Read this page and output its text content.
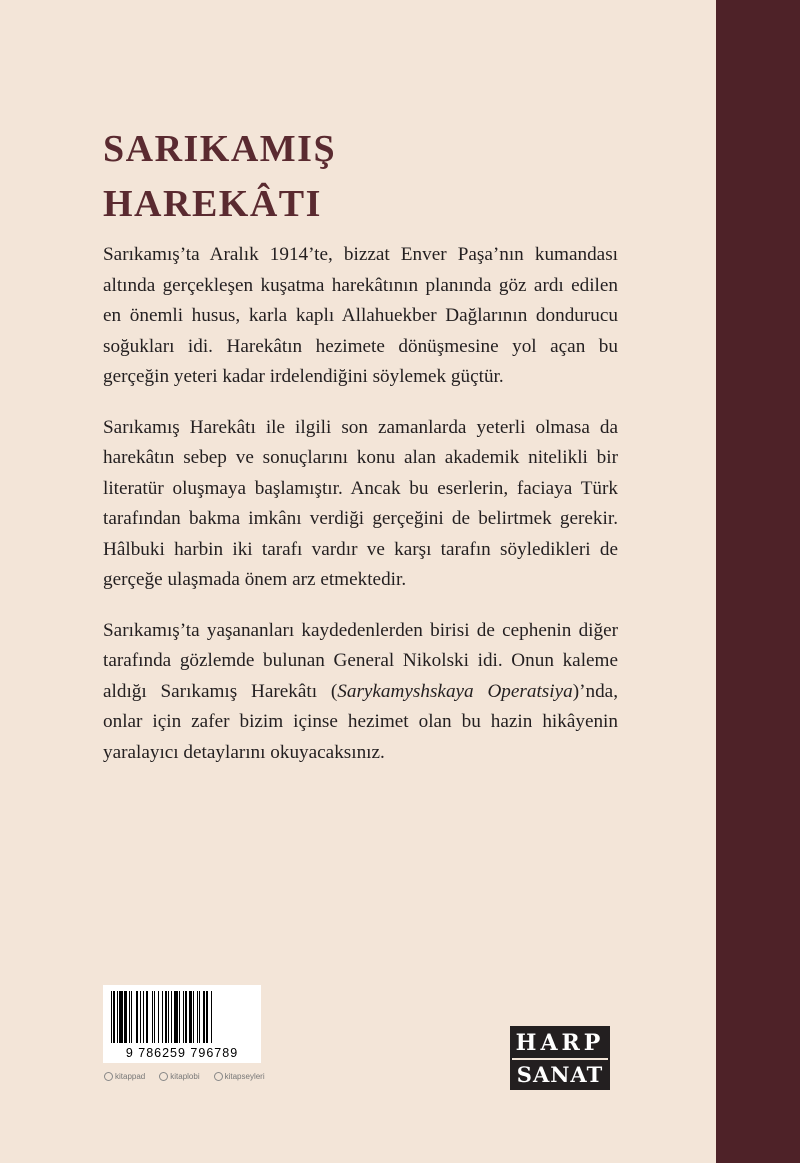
SARIKAMIŞ
HAREKÂTI

Sarıkamış’ta Aralık 1914’te, bizzat Enver Paşa’nın kumandası altında gerçekleşen kuşatma harekâtının planında göz ardı edilen en önemli husus, karla kaplı Allahuekber Dağlarının dondurucu soğukları idi. Harekâtın hezimete dönüşmesine yol açan bu gerçeğin yeteri kadar irdelendiğini söylemek güçtür.

Sarıkamış Harekâtı ile ilgili son zamanlarda yeterli olmasa da harekâtın sebep ve sonuçlarını konu alan akademik nitelikli bir literatür oluşmaya başlamıştır. Ancak bu eserlerin, faciaya Türk tarafından bakma imkânı verdiği gerçeğini de belirtmek gerekir. Hâlbuki harbin iki tarafı vardır ve karşı tarafın söyledikleri de gerçeğe ulaşmada önem arz etmektedir.

Sarıkamış’ta yaşananları kaydedenlerden birisi de cephenin diğer tarafında gözlemde bulunan General Nikolski idi. Onun kaleme aldığı Sarıkamış Harekâtı (Sarykamyshskaya Operatsiya)’nda, onlar için zafer bizim içinse hezimet olan bu hazin hikâyenin yaralayıcı detaylarını okuyacaksınız.

9 786259 796789
kitappad	kitaplobi	kitapseyleri
HARP
SANAT
